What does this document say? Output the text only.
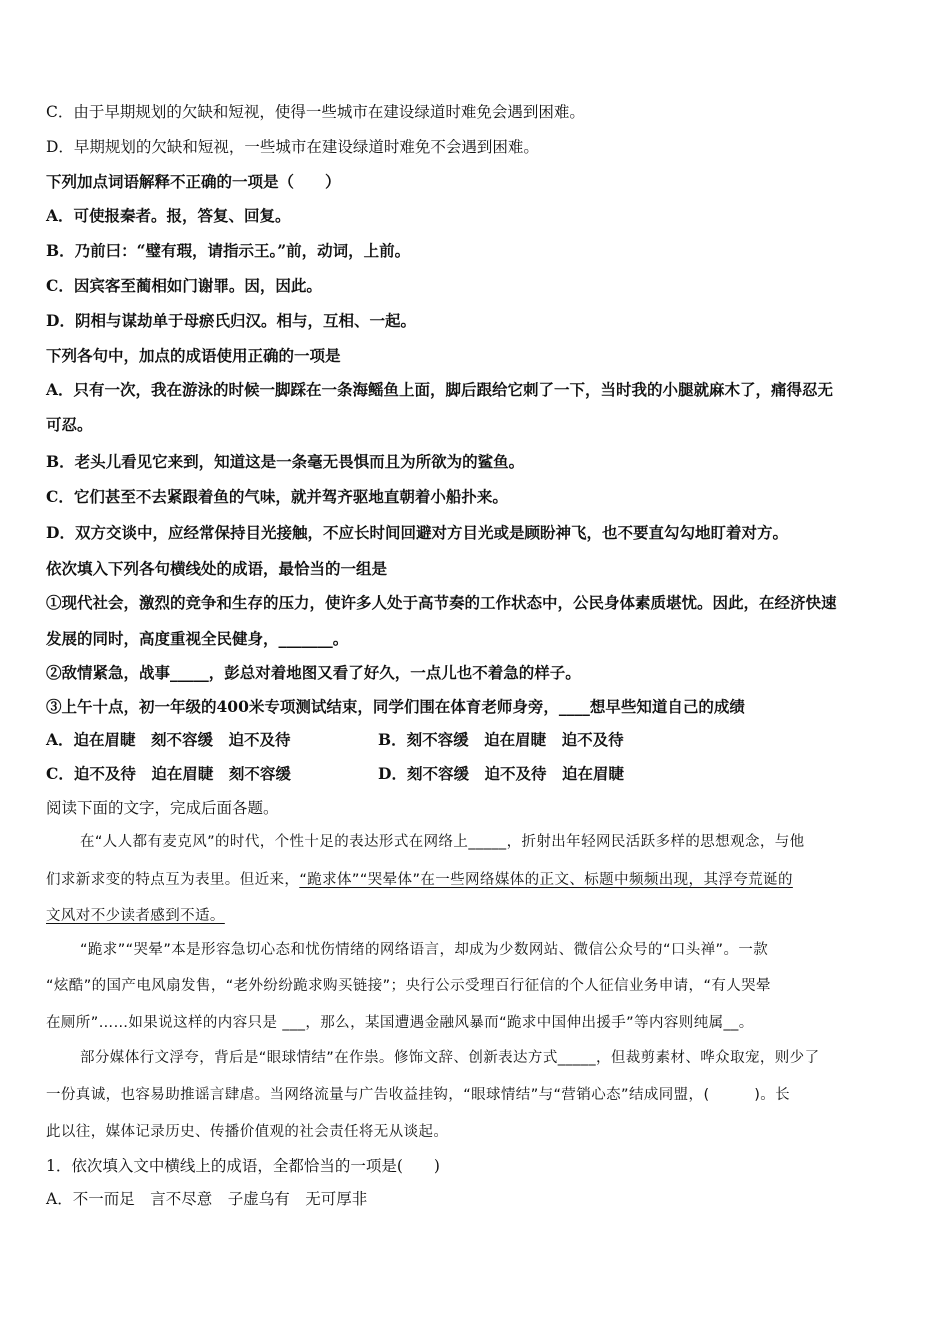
C．由于早期规划的欠缺和短视，使得一些城市在建设绿道时难免会遇到困难。

D．早期规划的欠缺和短视，一些城市在建设绿道时难免不会遇到困难。

下列加点词语解释不正确的一项是（　　）

A．可使报秦者。报，答复、回复。

B．乃前曰：“璧有瑕，请指示王。”前，动词，上前。

C．因宾客至蔺相如门谢罪。因，因此。

D．阴相与谋劫单于母瘀氏归汉。相与，互相、一起。

下列各句中，加点的成语使用正确的一项是

A．只有一次，我在游泳的时候一脚踩在一条海鳐鱼上面，脚后跟给它刺了一下，当时我的小腿就麻木了，痛得忍无

可忍。

B．老头儿看见它来到，知道这是一条毫无畏惧而且为所欲为的鲨鱼。

C．它们甚至不去紧跟着鱼的气味，就并驾齐驱地直朝着小船扑来。

D．双方交谈中，应经常保持目光接触，不应长时间回避对方目光或是顾盼神飞，也不要直勾勾地盯着对方。

依次填入下列各句横线处的成语，最恰当的一组是

①现代社会，激烈的竞争和生存的压力，使许多人处于高节奏的工作状态中，公民身体素质堪忧。因此，在经济快速

发展的同时，高度重视全民健身，_______。

②敌情紧急，战事_____，彭总对着地图又看了好久，一点儿也不着急的样子。

③上午十点，初一年级的400米专项测试结束，同学们围在体育老师身旁，____想早些知道自己的成绩

A．迫在眉睫　刻不容缓　迫不及待	B．刻不容缓　迫在眉睫　迫不及待
C．迫不及待　迫在眉睫　刻不容缓	D．刻不容缓　迫不及待　迫在眉睫

阅读下面的文字，完成后面各题。

在“人人都有麦克风”的时代，个性十足的表达形式在网络上_____，折射出年轻网民活跃多样的思想观念，与他

们求新求变的特点互为表里。但近来，“跪求体”“哭晕体”在一些网络媒体的正文、标题中频频出现，其浮夸荒诞的

文风对不少读者感到不适。

“跪求”“哭晕”本是形容急切心态和忧伤情绪的网络语言，却成为少数网站、微信公众号的“口头禅”。一款

“炫酷”的国产电风扇发售，“老外纷纷跪求购买链接”；央行公示受理百行征信的个人征信业务申请，“有人哭晕

在厕所”……如果说这样的内容只是 ___，那么，某国遭遇金融风暴而“跪求中国伸出援手”等内容则纯属__。

部分媒体行文浮夸，背后是“眼球情结”在作祟。修饰文辞、创新表达方式_____，但裁剪素材、哗众取宠，则少了

一份真诚，也容易助推谣言肆虐。当网络流量与广告收益挂钩，“眼球情结”与“营销心态”结成同盟，(　　　)。长

此以往，媒体记录历史、传播价值观的社会责任将无从谈起。

1．依次填入文中横线上的成语，全都恰当的一项是(　　)

A．不一而足　言不尽意　子虚乌有　无可厚非
